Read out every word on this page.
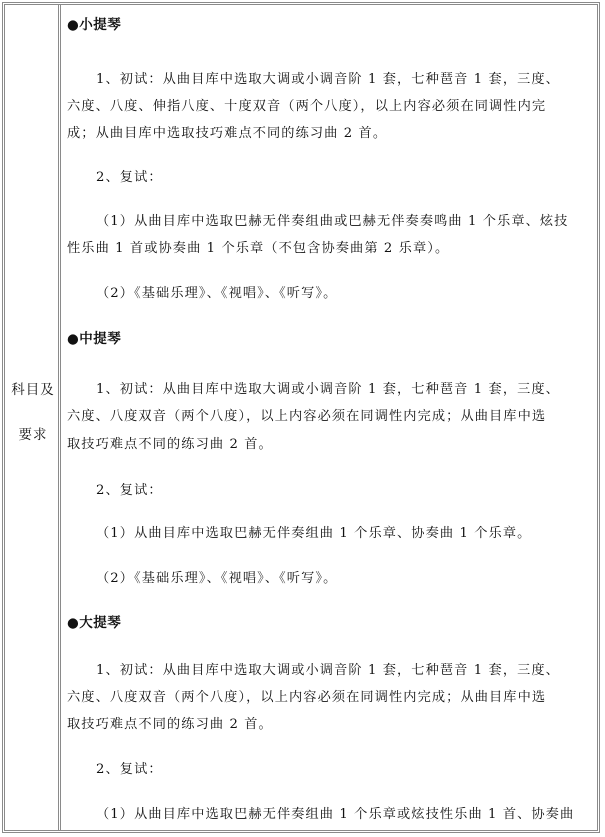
科目及
要求
●小提琴
1、初试：从曲目库中选取大调或小调音阶 1 套，七种琶音 1 套，三度、
六度、八度、伸指八度、十度双音（两个八度），以上内容必须在同调性内完
成；从曲目库中选取技巧难点不同的练习曲 2 首。
2、复试：
（1）从曲目库中选取巴赫无伴奏组曲或巴赫无伴奏奏鸣曲 1 个乐章、炫技
性乐曲 1 首或协奏曲 1 个乐章（不包含协奏曲第 2 乐章）。
（2）《基础乐理》、《视唱》、《听写》。
●中提琴
1、初试：从曲目库中选取大调或小调音阶 1 套，七种琶音 1 套，三度、
六度、八度双音（两个八度），以上内容必须在同调性内完成；从曲目库中选
取技巧难点不同的练习曲 2 首。
2、复试：
（1）从曲目库中选取巴赫无伴奏组曲 1 个乐章、协奏曲 1 个乐章。
（2）《基础乐理》、《视唱》、《听写》。
●大提琴
1、初试：从曲目库中选取大调或小调音阶 1 套，七种琶音 1 套，三度、
六度、八度双音（两个八度），以上内容必须在同调性内完成；从曲目库中选
取技巧难点不同的练习曲 2 首。
2、复试：
（1）从曲目库中选取巴赫无伴奏组曲 1 个乐章或炫技性乐曲 1 首、协奏曲
